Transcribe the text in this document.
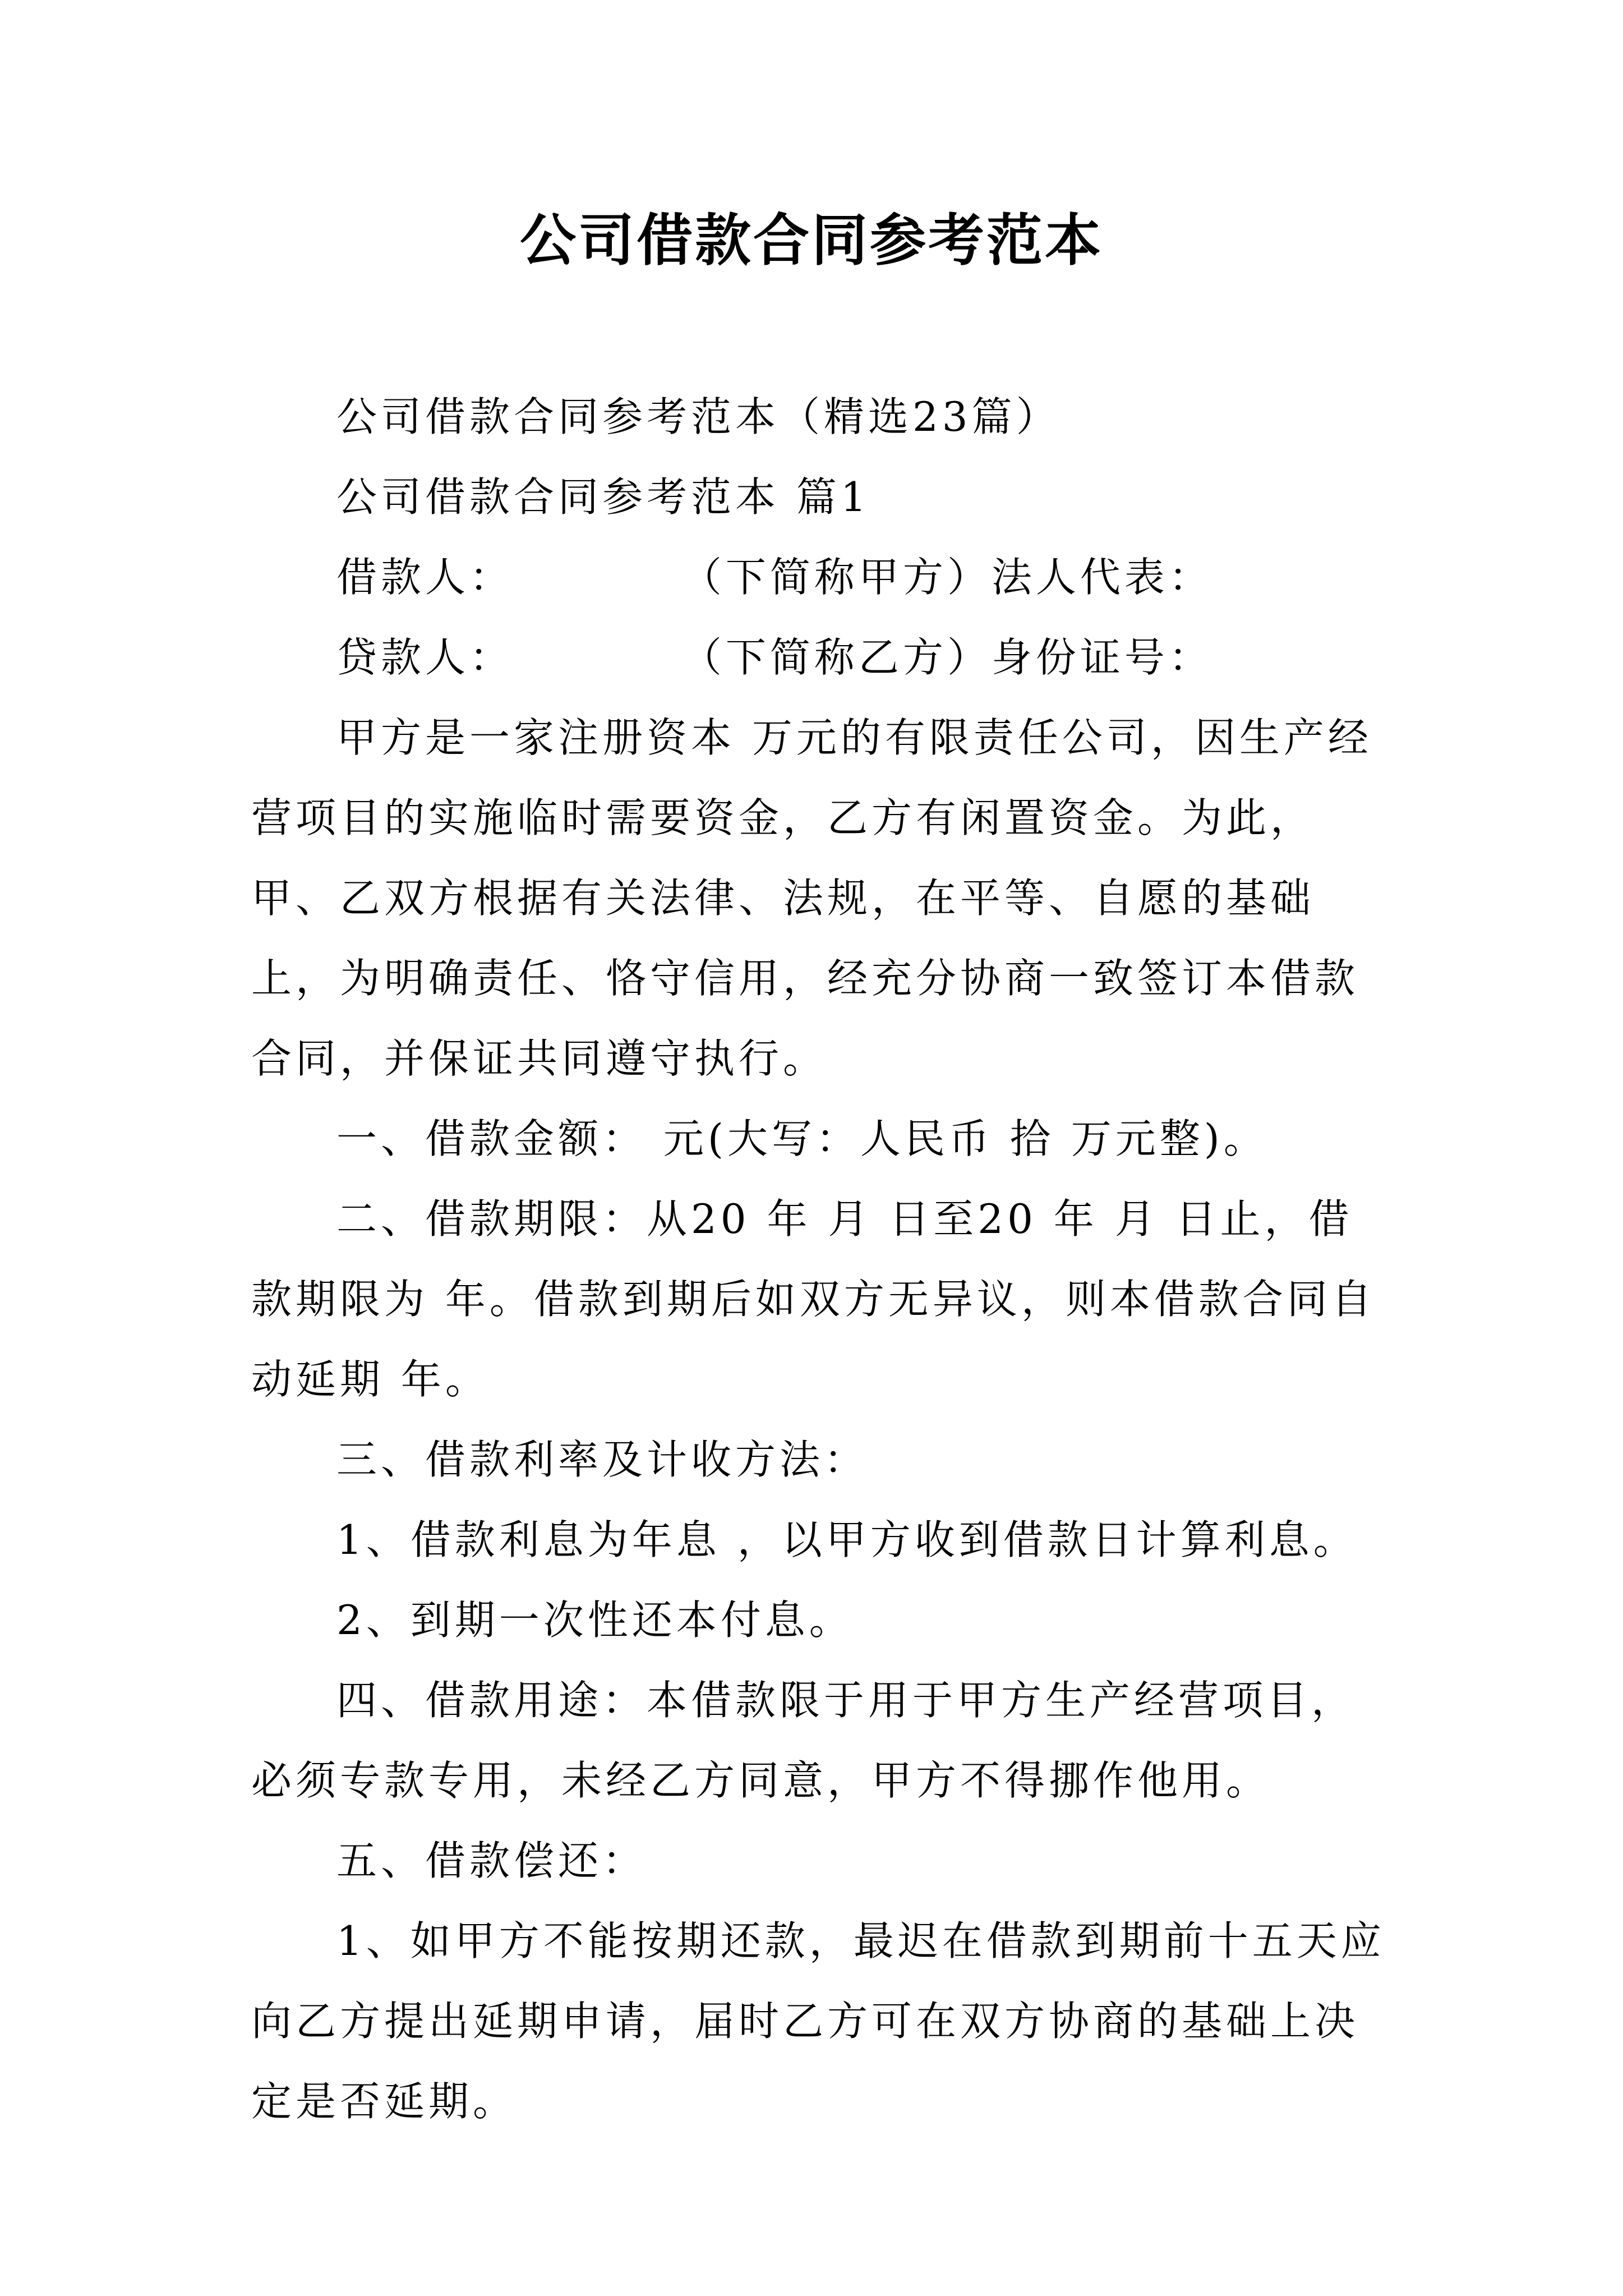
公司借款合同参考范本

公司借款合同参考范本（精选23篇）

公司借款合同参考范本 篇1

借款人：          （下简称甲方）法人代表：

贷款人：          （下简称乙方）身份证号：

甲方是一家注册资本 万元的有限责任公司，因生产经营项目的实施临时需要资金，乙方有闲置资金。为此，甲、乙双方根据有关法律、法规，在平等、自愿的基础上，为明确责任、恪守信用，经充分协商一致签订本借款合同，并保证共同遵守执行。

一、借款金额： 元(大写：人民币 拾 万元整)。

二、借款期限：从20 年 月 日至20 年 月 日止，借款期限为 年。借款到期后如双方无异议，则本借款合同自动延期 年。

三、借款利率及计收方法：

1、借款利息为年息 ，以甲方收到借款日计算利息。

2、到期一次性还本付息。

四、借款用途：本借款限于用于甲方生产经营项目，必须专款专用，未经乙方同意，甲方不得挪作他用。

五、借款偿还：

1、如甲方不能按期还款，最迟在借款到期前十五天应向乙方提出延期申请，届时乙方可在双方协商的基础上决定是否延期。
